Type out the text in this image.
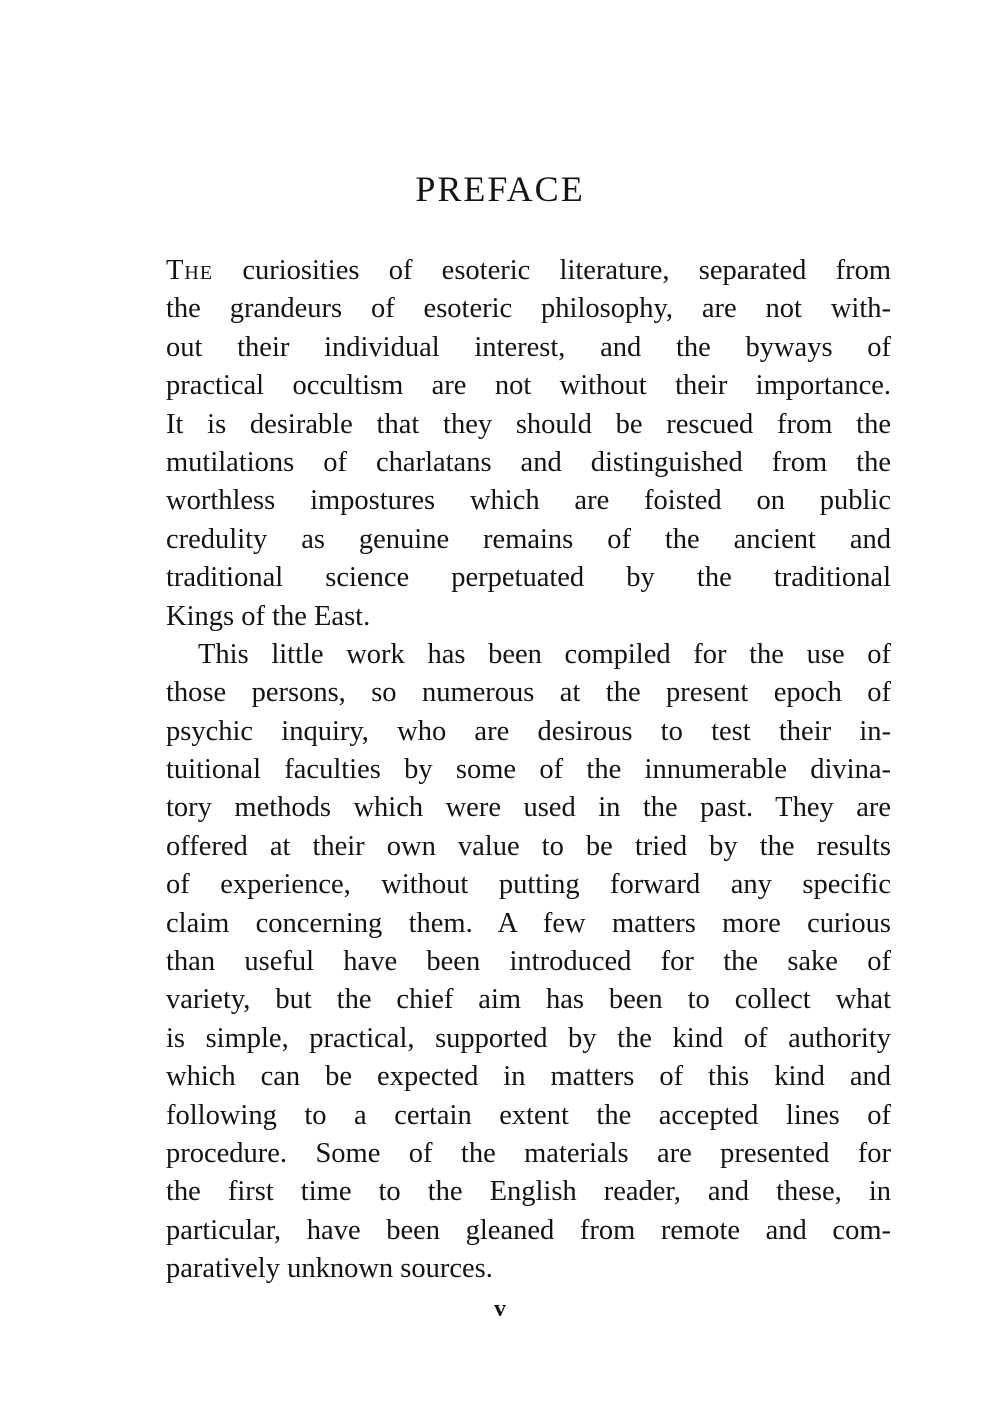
PREFACE
The curiosities of esoteric literature, separated from
the grandeurs of esoteric philosophy, are not with-
out their individual interest, and the byways of
practical occultism are not without their importance.
It is desirable that they should be rescued from the
mutilations of charlatans and distinguished from the
worthless impostures which are foisted on public
credulity as genuine remains of the ancient and
traditional science perpetuated by the traditional
Kings of the East.
This little work has been compiled for the use of
those persons, so numerous at the present epoch of
psychic inquiry, who are desirous to test their in-
tuitional faculties by some of the innumerable divina-
tory methods which were used in the past. They are
offered at their own value to be tried by the results
of experience, without putting forward any specific
claim concerning them. A few matters more curious
than useful have been introduced for the sake of
variety, but the chief aim has been to collect what
is simple, practical, supported by the kind of authority
which can be expected in matters of this kind and
following to a certain extent the accepted lines of
procedure. Some of the materials are presented for
the first time to the English reader, and these, in
particular, have been gleaned from remote and com-
paratively unknown sources.
v
